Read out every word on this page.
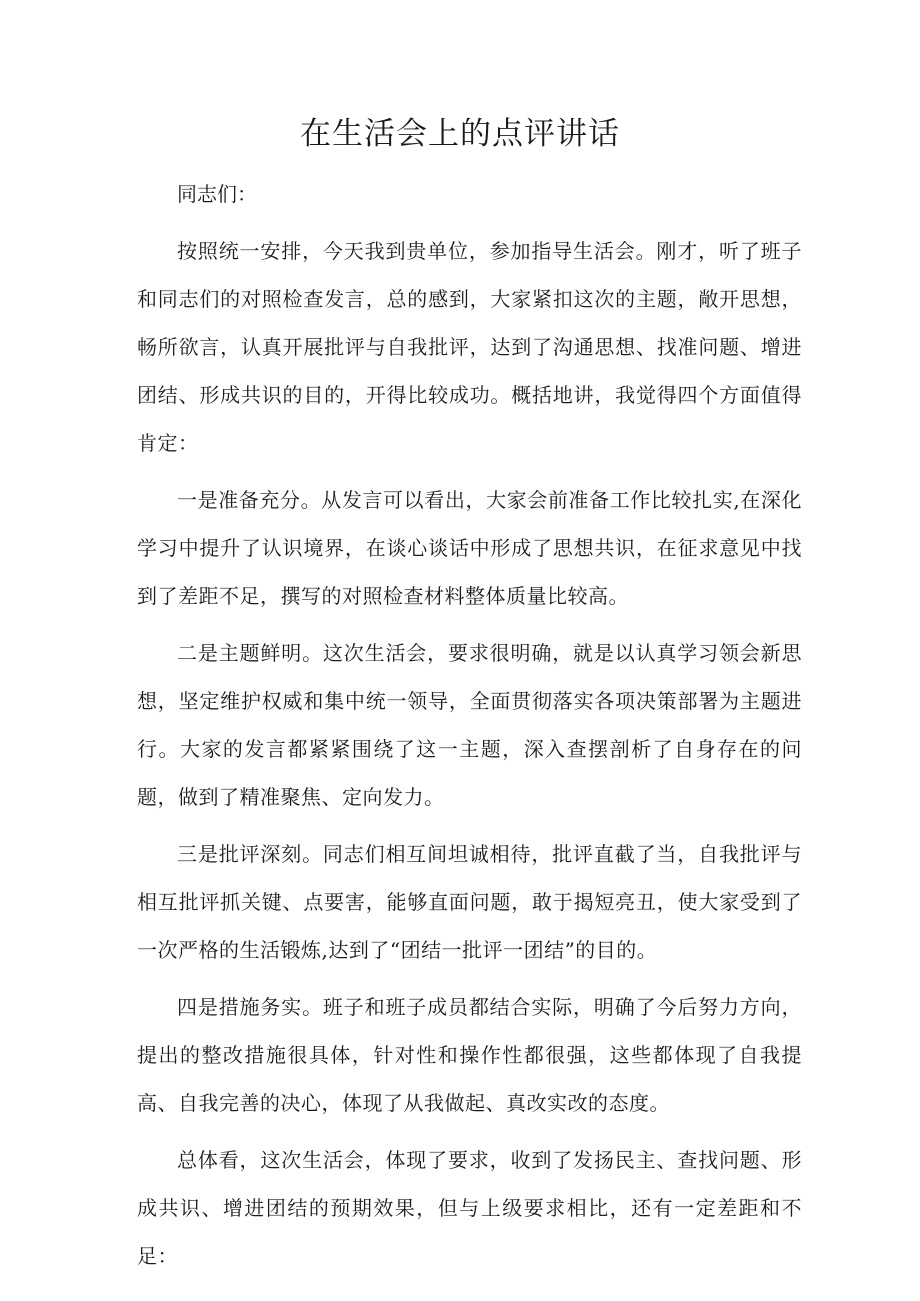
在生活会上的点评讲话

同志们：

按照统一安排，今天我到贵单位，参加指导生活会。刚才，听了班子和同志们的对照检查发言，总的感到，大家紧扣这次的主题，敞开思想，畅所欲言，认真开展批评与自我批评，达到了沟通思想、找准问题、增进团结、形成共识的目的，开得比较成功。概括地讲，我觉得四个方面值得肯定：

一是准备充分。从发言可以看出，大家会前准备工作比较扎实,在深化学习中提升了认识境界，在谈心谈话中形成了思想共识，在征求意见中找到了差距不足，撰写的对照检查材料整体质量比较高。

二是主题鲜明。这次生活会，要求很明确，就是以认真学习领会新思想，坚定维护权威和集中统一领导，全面贯彻落实各项决策部署为主题进行。大家的发言都紧紧围绕了这一主题，深入查摆剖析了自身存在的问题，做到了精准聚焦、定向发力。

三是批评深刻。同志们相互间坦诚相待，批评直截了当，自我批评与相互批评抓关键、点要害，能够直面问题，敢于揭短亮丑，使大家受到了一次严格的生活锻炼,达到了“团结一批评一团结”的目的。

四是措施务实。班子和班子成员都结合实际，明确了今后努力方向，提出的整改措施很具体，针对性和操作性都很强，这些都体现了自我提高、自我完善的决心，体现了从我做起、真改实改的态度。

总体看，这次生活会，体现了要求，收到了发扬民主、查找问题、形成共识、增进团结的预期效果，但与上级要求相比，还有一定差距和不足：
